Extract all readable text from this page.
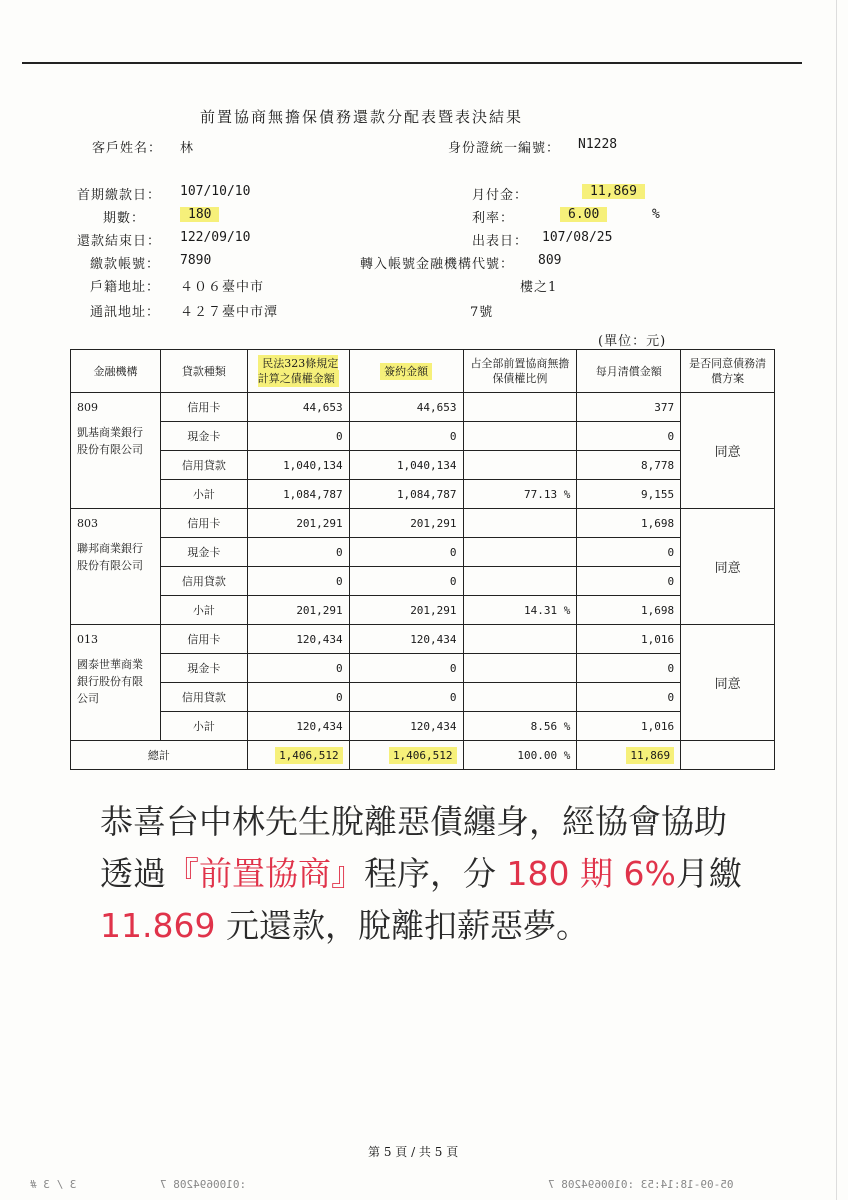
前置協商無擔保債務還款分配表暨表決結果
客戶姓名： 林	身份證統一編號： N1228
首期繳款日： 107/10/10
期數：	180
還款結束日： 122/09/10
繳款帳號： 7890
戶籍地址： ４０６臺中市	樓之1
通訊地址： ４２７臺中市潭	7號
月付金：	11,869
利率：	6.00	%
出表日： 107/08/25
轉入帳號金融機構代號： 809
(單位：元)
金融機構	貸款種類	民法323條規定計算之債權金額	簽約金額	占全部前置協商無擔保債權比例	每月清償金額	是否同意債務清償方案

809
凱基商業銀行股份有限公司	信用卡	44,653	44,653		377	同意
	現金卡	0	0		0	
	信用貸款	1,040,134	1,040,134		8,778	
	小計	1,084,787	1,084,787	77.13 %	9,155	

803
聯邦商業銀行股份有限公司	信用卡	201,291	201,291		1,698	同意
	現金卡	0	0		0	
	信用貸款	0	0		0	
	小計	201,291	201,291	14.31 %	1,698	

013
國泰世華商業銀行股份有限公司	信用卡	120,434	120,434		1,016	同意
	現金卡	0	0		0	
	信用貸款	0	0		0	
	小計	120,434	120,434	8.56 %	1,016	
總計		1,406,512	1,406,512	100.00 %	11,869	
恭喜台中林先生脫離惡債纏身，經協會協助
透過『前置協商』程序，分 180 期 6%月繳
11.869 元還款，脫離扣薪惡夢。
第 5 頁 / 共 5 頁
3 / 3 #	:0100694208 7	05-09-18:14:53 :0100694208 7
